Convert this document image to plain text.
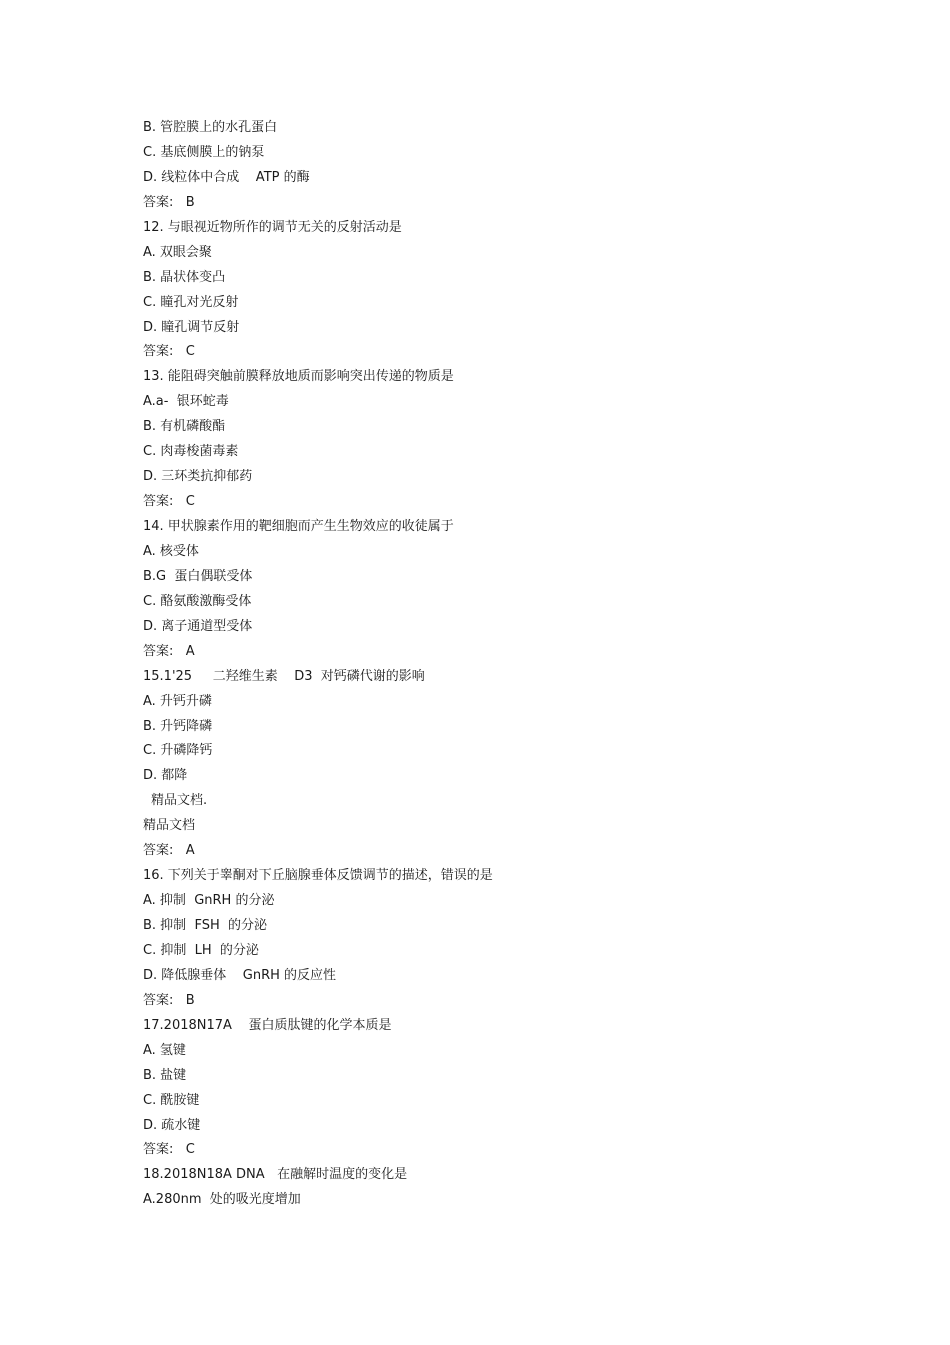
B. 管腔膜上的水孔蛋白
C. 基底侧膜上的钠泵
D. 线粒体中合成    ATP 的酶
答案:   B
12. 与眼视近物所作的调节无关的反射活动是
A. 双眼会聚
B. 晶状体变凸
C. 瞳孔对光反射
D. 瞳孔调节反射
答案:   C
13. 能阻碍突触前膜释放地质而影响突出传递的物质是
A.a-  银环蛇毒
B. 有机磷酸酯
C. 肉毒梭菌毒素
D. 三环类抗抑郁药
答案:   C
14. 甲状腺素作用的靶细胞而产生生物效应的收徒属于
A. 核受体
B.G  蛋白偶联受体
C. 酪氨酸激酶受体
D. 离子通道型受体
答案:   A
15.1'25     二羟维生素    D3  对钙磷代谢的影响
A. 升钙升磷
B. 升钙降磷
C. 升磷降钙
D. 都降
精品文档.
精品文档
答案:   A
16. 下列关于睾酮对下丘脑腺垂体反馈调节的描述，错误的是
A. 抑制  GnRH 的分泌
B. 抑制  FSH  的分泌
C. 抑制  LH  的分泌
D. 降低腺垂体    GnRH 的反应性
答案:   B
17.2018N17A    蛋白质肽键的化学本质是
A. 氢键
B. 盐键
C. 酰胺键
D. 疏水键
答案:   C
18.2018N18A DNA   在融解时温度的变化是
A.280nm  处的吸光度增加
